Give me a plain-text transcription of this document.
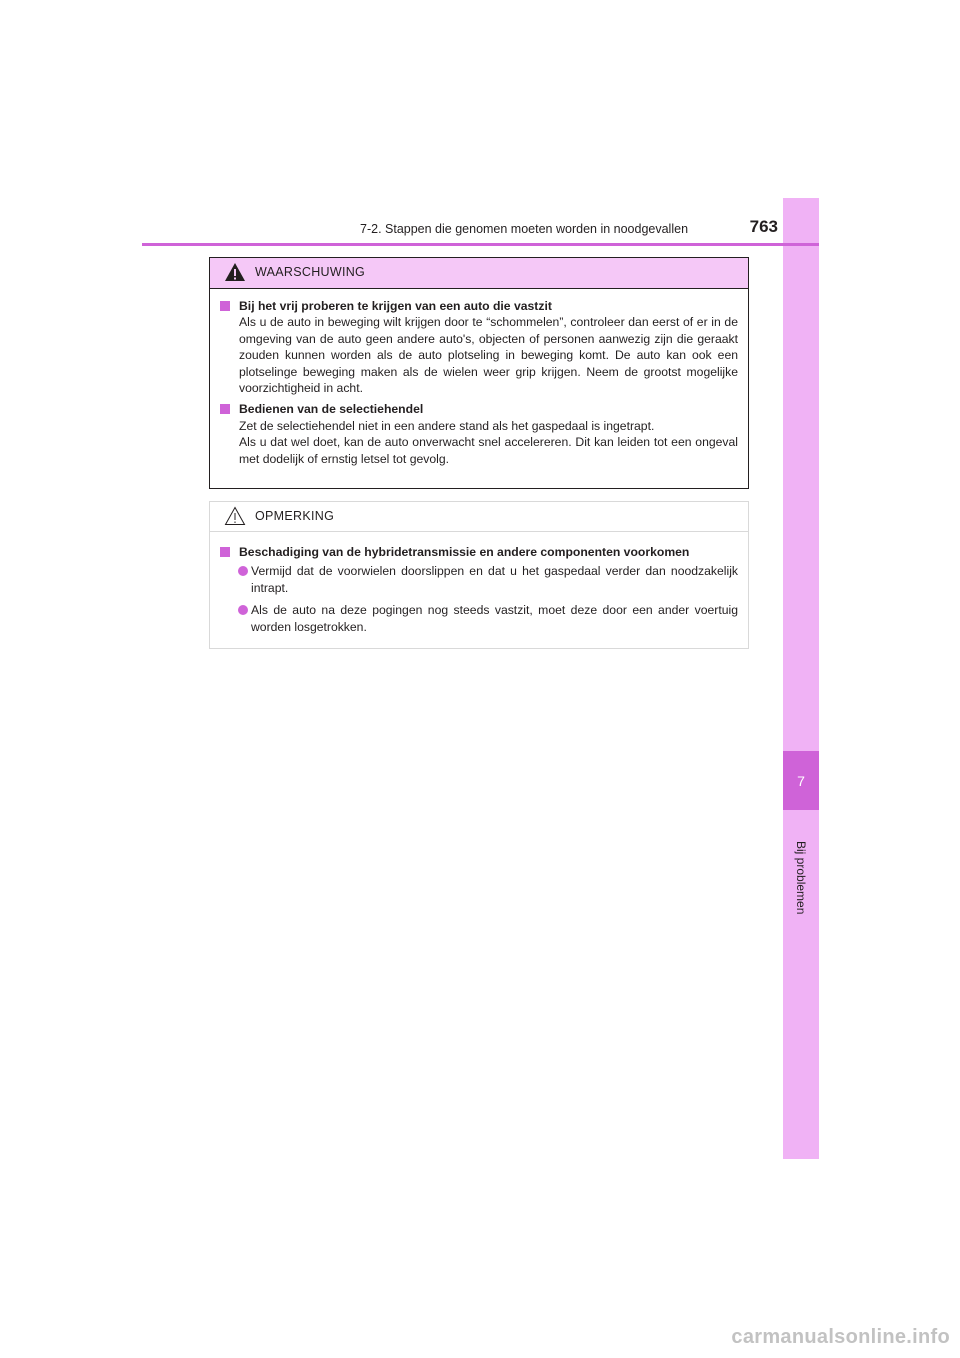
7
Bij problemen
7-2. Stappen die genomen moeten worden in noodgevallen	763
WAARSCHUWING
Bij het vrij proberen te krijgen van een auto die vastzit
Als u de auto in beweging wilt krijgen door te “schommelen”, controleer dan eerst of er in de omgeving van de auto geen andere auto's, objecten of personen aanwezig zijn die geraakt zouden kunnen worden als de auto plotseling in beweging komt. De auto kan ook een plotselinge beweging maken als de wielen weer grip krijgen. Neem de grootst mogelijke voorzichtigheid in acht.
Bedienen van de selectiehendel
Zet de selectiehendel niet in een andere stand als het gaspedaal is ingetrapt.
Als u dat wel doet, kan de auto onverwacht snel accelereren. Dit kan leiden tot een ongeval met dodelijk of ernstig letsel tot gevolg.
OPMERKING
Beschadiging van de hybridetransmissie en andere componenten voorkomen
Vermijd dat de voorwielen doorslippen en dat u het gaspedaal verder dan noodzakelijk intrapt.
Als de auto na deze pogingen nog steeds vastzit, moet deze door een ander voertuig worden losgetrokken.
carmanualsonline.info
